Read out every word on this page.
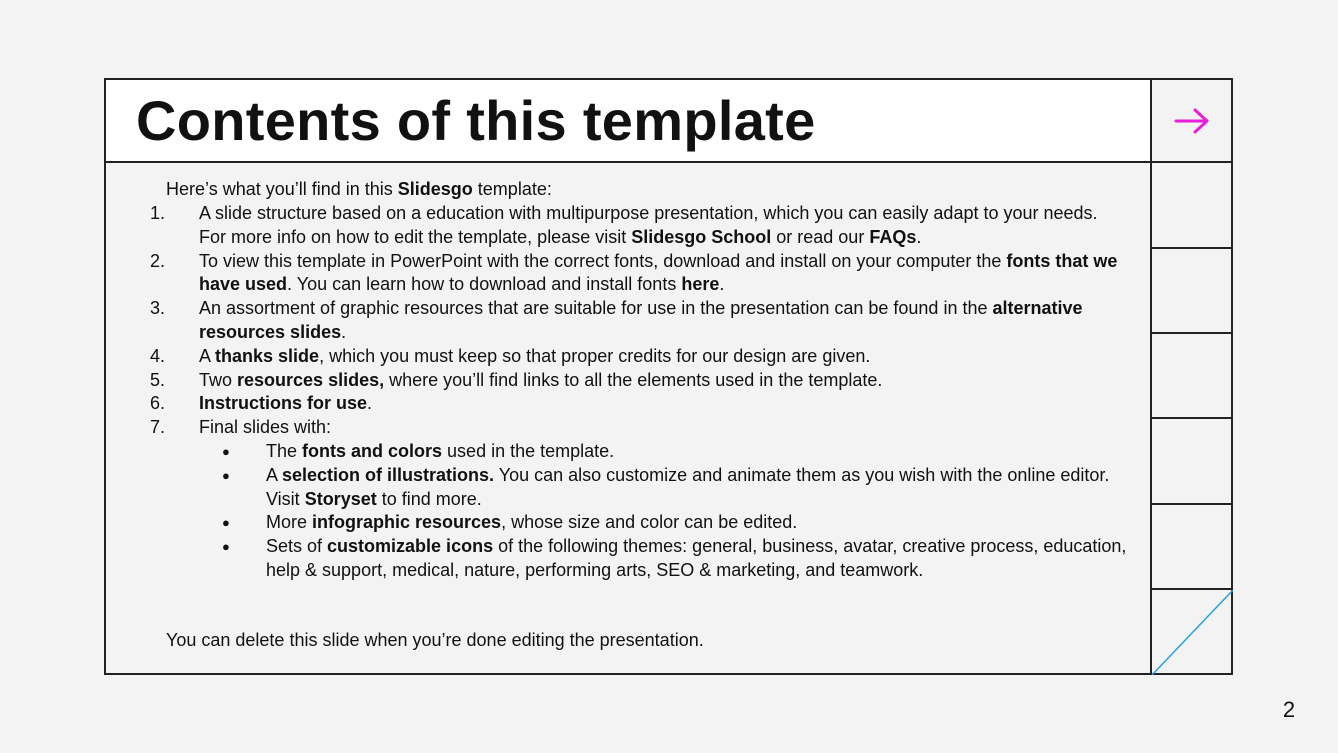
Contents of this template
Here’s what you’ll find in this Slidesgo template:
1. A slide structure based on a education with multipurpose presentation, which you can easily adapt to your needs. For more info on how to edit the template, please visit Slidesgo School or read our FAQs.
2. To view this template in PowerPoint with the correct fonts, download and install on your computer the fonts that we have used. You can learn how to download and install fonts here.
3. An assortment of graphic resources that are suitable for use in the presentation can be found in the alternative resources slides.
4. A thanks slide, which you must keep so that proper credits for our design are given.
5. Two resources slides, where you’ll find links to all the elements used in the template.
6. Instructions for use.
7. Final slides with:
● The fonts and colors used in the template.
● A selection of illustrations. You can also customize and animate them as you wish with the online editor. Visit Storyset to find more.
● More infographic resources, whose size and color can be edited.
● Sets of customizable icons of the following themes: general, business, avatar, creative process, education, help & support, medical, nature, performing arts, SEO & marketing, and teamwork.
You can delete this slide when you’re done editing the presentation.
2
